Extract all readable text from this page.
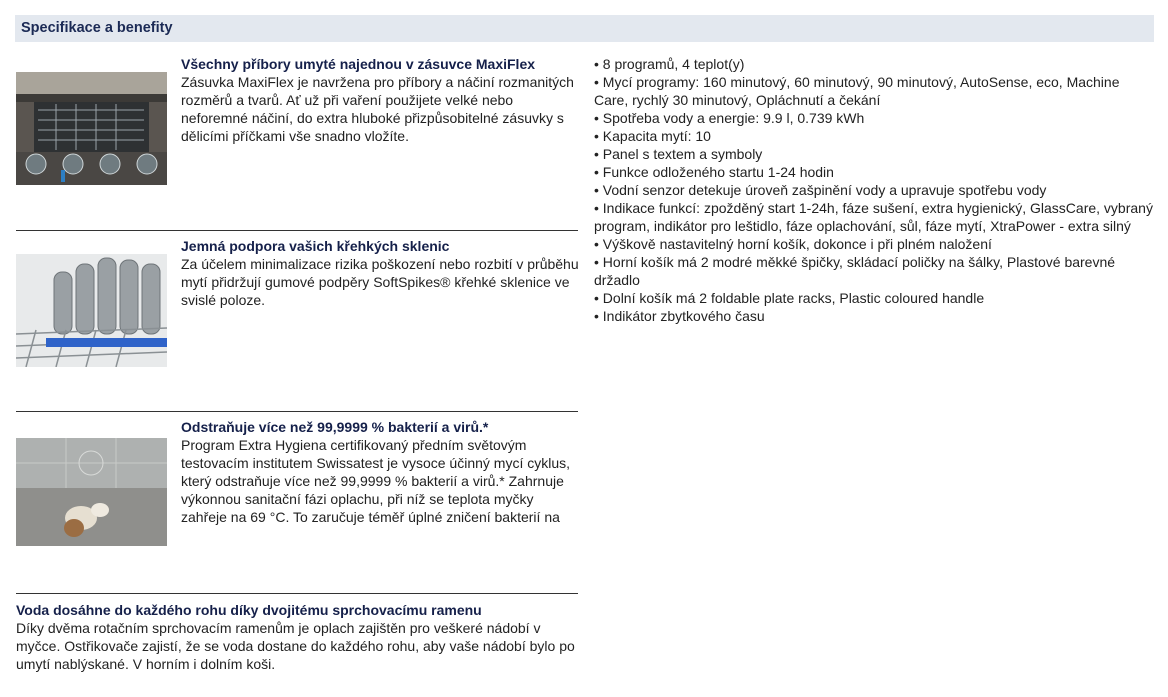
Specifikace a benefity
Všechny příbory umyté najednou v zásuvce MaxiFlex
Zásuvka MaxiFlex je navržena pro příbory a náčiní rozmanitých rozměrů a tvarů. Ať už při vaření použijete velké nebo neforemné náčiní, do extra hluboké přizpůsobitelné zásuvky s dělicími příčkami vše snadno vložíte.
Jemná podpora vašich křehkých sklenic
Za účelem minimalizace rizika poškození nebo rozbití v průběhu mytí přidržují gumové podpěry SoftSpikes® křehké sklenice ve svislé poloze.
Odstraňuje více než 99,9999 % bakterií a virů.*
Program Extra Hygiena certifikovaný předním světovým testovacím institutem Swissatest je vysoce účinný mycí cyklus, který odstraňuje více než 99,9999 % bakterií a virů.* Zahrnuje výkonnou sanitační fázi oplachu, při níž se teplota myčky zahřeje na 69 °C. To zaručuje téměř úplné zničení bakterií na
Voda dosáhne do každého rohu díky dvojitému sprchovacímu ramenu
Díky dvěma rotačním sprchovacím ramenům je oplach zajištěn pro veškeré nádobí v myčce. Ostřikovače zajistí, že se voda dostane do každého rohu, aby vaše nádobí bylo po umytí nablýskané. V horním i dolním koši.
• 8 programů, 4 teplot(y)
• Mycí programy: 160 minutový, 60 minutový, 90 minutový, AutoSense, eco, Machine Care, rychlý 30 minutový, Opláchnutí a čekání
• Spotřeba vody a energie: 9.9 l, 0.739 kWh
• Kapacita mytí: 10
• Panel s textem a symboly
• Funkce odloženého startu 1-24 hodin
• Vodní senzor detekuje úroveň zašpinění vody a upravuje spotřebu vody
• Indikace funkcí: zpožděný start 1-24h, fáze sušení, extra hygienický, GlassCare, vybraný program, indikátor pro leštidlo, fáze oplachování, sůl, fáze mytí, XtraPower - extra silný
• Výškově nastavitelný horní košík, dokonce i při plném naložení
• Horní košík má 2 modré měkké špičky, skládací poličky na šálky, Plastové barevné držadlo
• Dolní košík má 2 foldable plate racks, Plastic coloured handle
• Indikátor zbytkového času
